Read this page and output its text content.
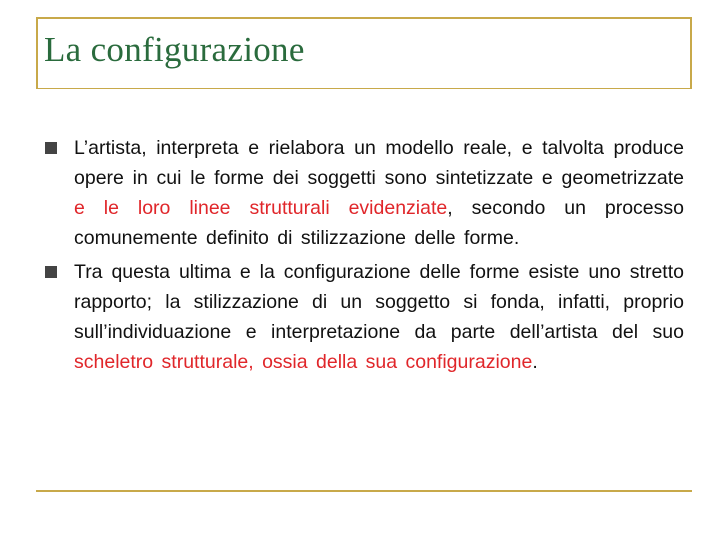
La configurazione
L’artista, interpreta e rielabora un modello reale, e talvolta produce opere in cui le forme dei soggetti sono sintetizzate e geometrizzate e le loro linee strutturali evidenziate, secondo un processo comunemente definito di stilizzazione delle forme.
Tra questa ultima e la configurazione delle forme esiste uno stretto rapporto; la stilizzazione di un soggetto si fonda, infatti, proprio sull’individuazione e interpretazione da parte dell’artista del suo scheletro strutturale, ossia della sua configurazione.
